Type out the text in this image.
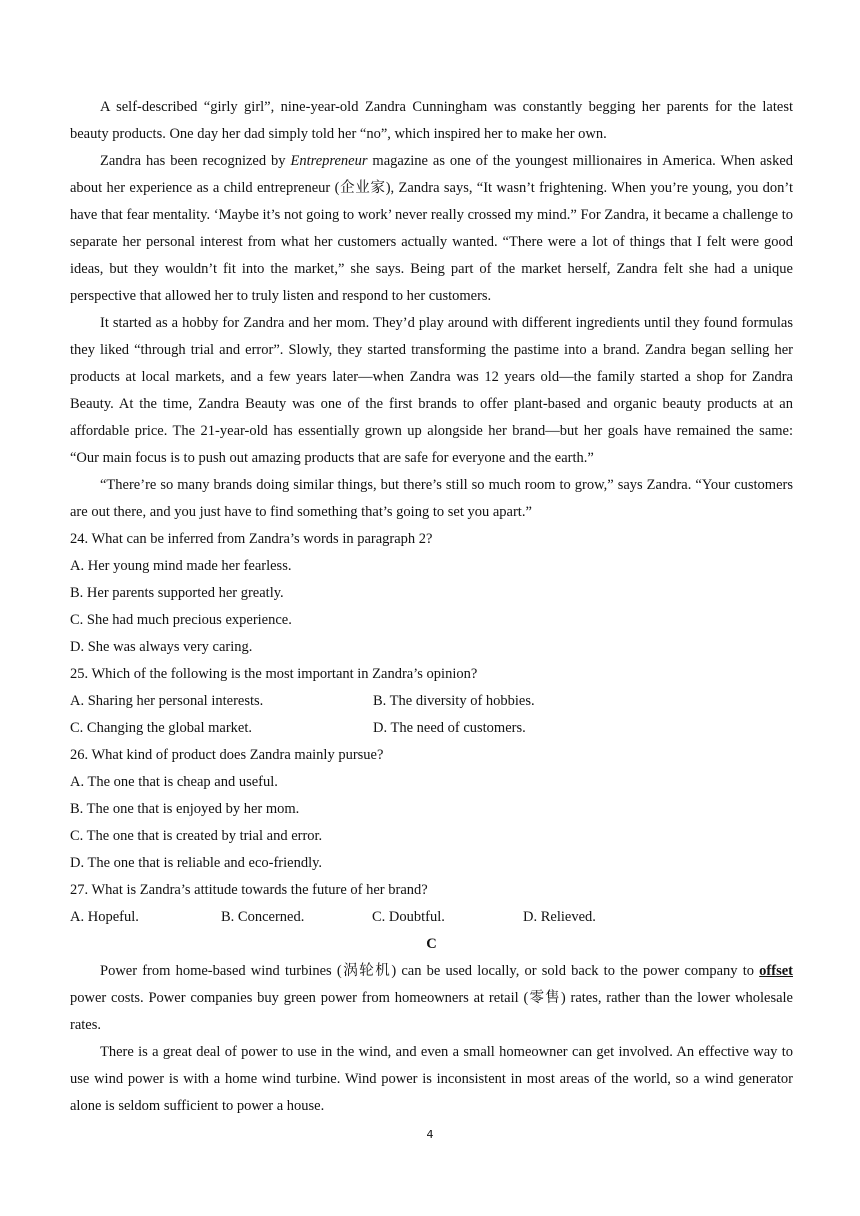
A self-described “girly girl”, nine-year-old Zandra Cunningham was constantly begging her parents for the latest beauty products. One day her dad simply told her “no”, which inspired her to make her own.

Zandra has been recognized by Entrepreneur magazine as one of the youngest millionaires in America. When asked about her experience as a child entrepreneur (企业家), Zandra says, “It wasn’t frightening. When you’re young, you don’t have that fear mentality. ‘Maybe it’s not going to work’ never really crossed my mind.” For Zandra, it became a challenge to separate her personal interest from what her customers actually wanted. “There were a lot of things that I felt were good ideas, but they wouldn’t fit into the market,” she says. Being part of the market herself, Zandra felt she had a unique perspective that allowed her to truly listen and respond to her customers.

It started as a hobby for Zandra and her mom. They’d play around with different ingredients until they found formulas they liked “through trial and error”. Slowly, they started transforming the pastime into a brand. Zandra began selling her products at local markets, and a few years later—when Zandra was 12 years old—the family started a shop for Zandra Beauty. At the time, Zandra Beauty was one of the first brands to offer plant-based and organic beauty products at an affordable price. The 21-year-old has essentially grown up alongside her brand—but her goals have remained the same: “Our main focus is to push out amazing products that are safe for everyone and the earth.”

“There’re so many brands doing similar things, but there’s still so much room to grow,” says Zandra. “Your customers are out there, and you just have to find something that’s going to set you apart.”

24. What can be inferred from Zandra’s words in paragraph 2?

A. Her young mind made her fearless.

B. Her parents supported her greatly.

C. She had much precious experience.

D. She was always very caring.

25. Which of the following is the most important in Zandra’s opinion?

A. Sharing her personal interests.	B. The diversity of hobbies.
C. Changing the global market.	D. The need of customers.

26. What kind of product does Zandra mainly pursue?

A. The one that is cheap and useful.

B. The one that is enjoyed by her mom.

C. The one that is created by trial and error.

D. The one that is reliable and eco-friendly.

27. What is Zandra’s attitude towards the future of her brand?

A. Hopeful.	B. Concerned.	C. Doubtful.	D. Relieved.

C

Power from home-based wind turbines (涡轮机) can be used locally, or sold back to the power company to offset power costs. Power companies buy green power from homeowners at retail (零售) rates, rather than the lower wholesale rates.

There is a great deal of power to use in the wind, and even a small homeowner can get involved. An effective way to use wind power is with a home wind turbine. Wind power is inconsistent in most areas of the world, so a wind generator alone is seldom sufficient to power a house.

4
